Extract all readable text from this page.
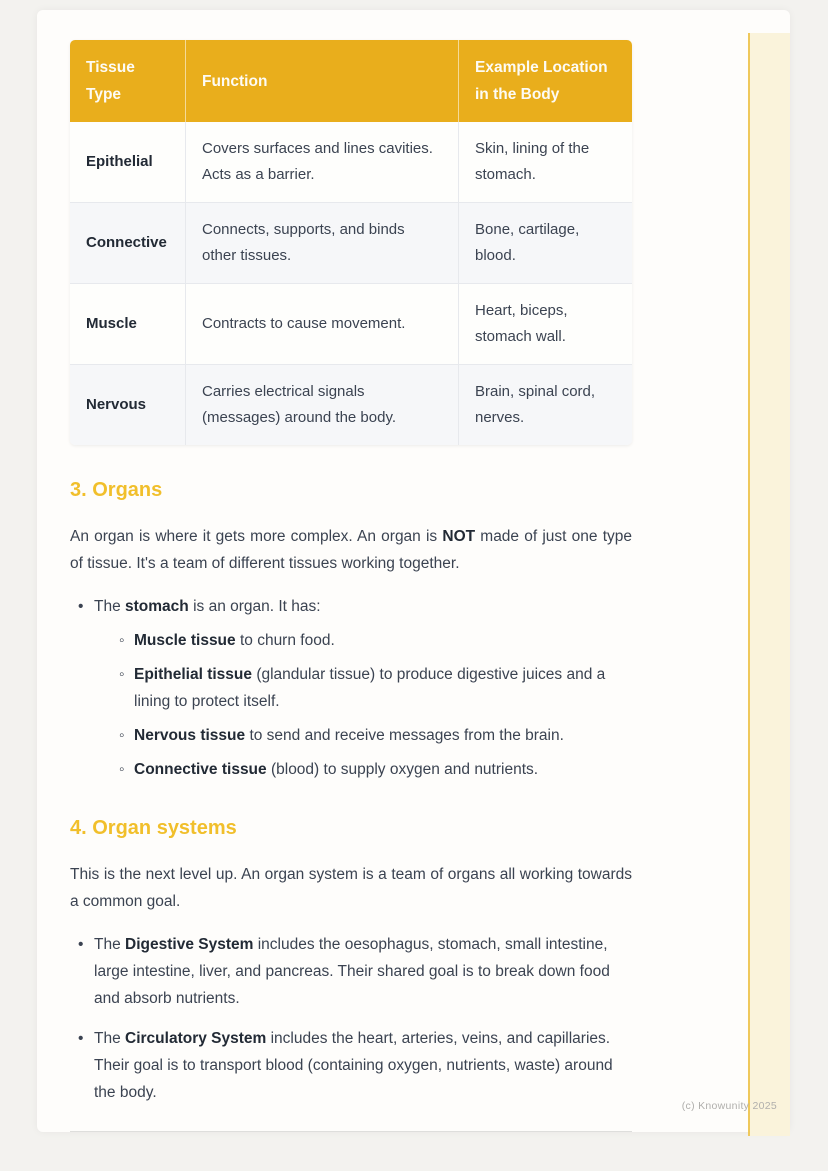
Tissue Type	Function	Example Location in the Body
Epithelial	Covers surfaces and lines cavities. Acts as a barrier.	Skin, lining of the stomach.
Connective	Connects, supports, and binds other tissues.	Bone, cartilage, blood.
Muscle	Contracts to cause movement.	Heart, biceps, stomach wall.
Nervous	Carries electrical signals (messages) around the body.	Brain, spinal cord, nerves.
3. Organs

An organ is where it gets more complex. An organ is NOT made of just one type of tissue. It's a team of different tissues working together.

• The stomach is an organ. It has:
◦ Muscle tissue to churn food.
◦ Epithelial tissue (glandular tissue) to produce digestive juices and a lining to protect itself.
◦ Nervous tissue to send and receive messages from the brain.
◦ Connective tissue (blood) to supply oxygen and nutrients.
4. Organ systems

This is the next level up. An organ system is a team of organs all working towards a common goal.

• The Digestive System includes the oesophagus, stomach, small intestine, large intestine, liver, and pancreas. Their shared goal is to break down food and absorb nutrients.
• The Circulatory System includes the heart, arteries, veins, and capillaries. Their goal is to transport blood (containing oxygen, nutrients, waste) around the body.
(c) Knowunity 2025
